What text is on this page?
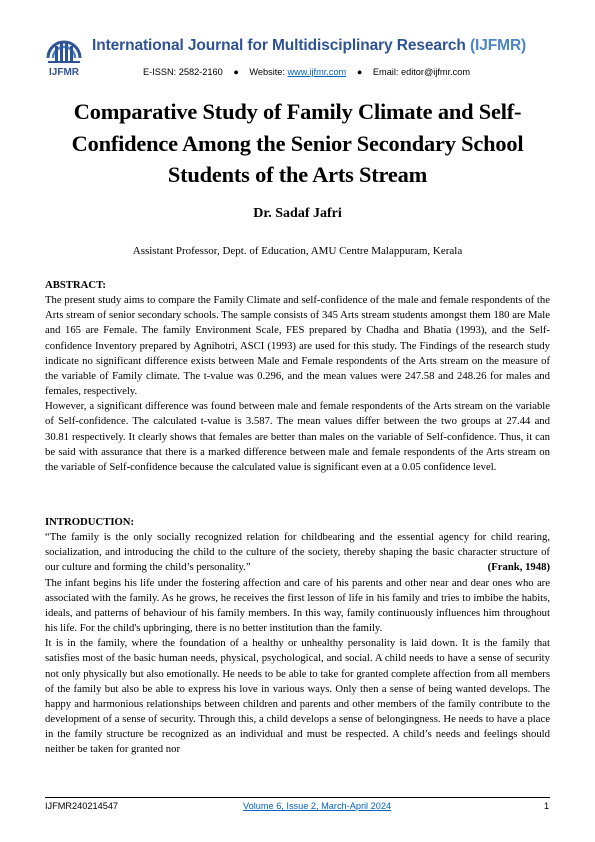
IJFMR
International Journal for Multidisciplinary Research (IJFMR)
E-ISSN: 2582-2160 ● Website: www.ijfmr.com ● Email: editor@ijfmr.com
Comparative Study of Family Climate and Self-Confidence Among the Senior Secondary School Students of the Arts Stream
Dr. Sadaf Jafri
Assistant Professor, Dept. of Education, AMU Centre Malappuram, Kerala

ABSTRACT:

The present study aims to compare the Family Climate and self-confidence of the male and female respondents of the Arts stream of senior secondary schools. The sample consists of 345 Arts stream students amongst them 180 are Male and 165 are Female. The family Environment Scale, FES prepared by Chadha and Bhatia (1993), and the Self-confidence Inventory prepared by Agnihotri, ASCI (1993) are used for this study. The Findings of the research study indicate no significant difference exists between Male and Female respondents of the Arts stream on the measure of the variable of Family climate. The t-value was 0.296, and the mean values were 247.58 and 248.26 for males and females, respectively.

However, a significant difference was found between male and female respondents of the Arts stream on the variable of Self-confidence. The calculated t-value is 3.587. The mean values differ between the two groups at 27.44 and 30.81 respectively. It clearly shows that females are better than males on the variable of Self-confidence. Thus, it can be said with assurance that there is a marked difference between male and female respondents of the Arts stream on the variable of Self-confidence because the calculated value is significant even at a 0.05 confidence level.

INTRODUCTION:

“The family is the only socially recognized relation for childbearing and the essential agency for child rearing, socialization, and introducing the child to the culture of the society, thereby shaping the basic character structure of our culture and forming the child’s personality.”	(Frank, 1948)

The infant begins his life under the fostering affection and care of his parents and other near and dear ones who are associated with the family. As he grows, he receives the first lesson of life in his family and tries to imbibe the habits, ideals, and patterns of behaviour of his family members. In this way, family continuously influences him throughout his life. For the child's upbringing, there is no better institution than the family.

It is in the family, where the foundation of a healthy or unhealthy personality is laid down. It is the family that satisfies most of the basic human needs, physical, psychological, and social. A child needs to have a sense of security not only physically but also emotionally. He needs to be able to take for granted complete affection from all members of the family but also be able to express his love in various ways. Only then a sense of being wanted develops. The happy and harmonious relationships between children and parents and other members of the family contribute to the development of a sense of security. Through this, a child develops a sense of belongingness. He needs to have a place in the family structure be recognized as an individual and must be respected. A child’s needs and feelings should neither be taken for granted nor

IJFMR240214547	Volume 6, Issue 2, March-April 2024	1
